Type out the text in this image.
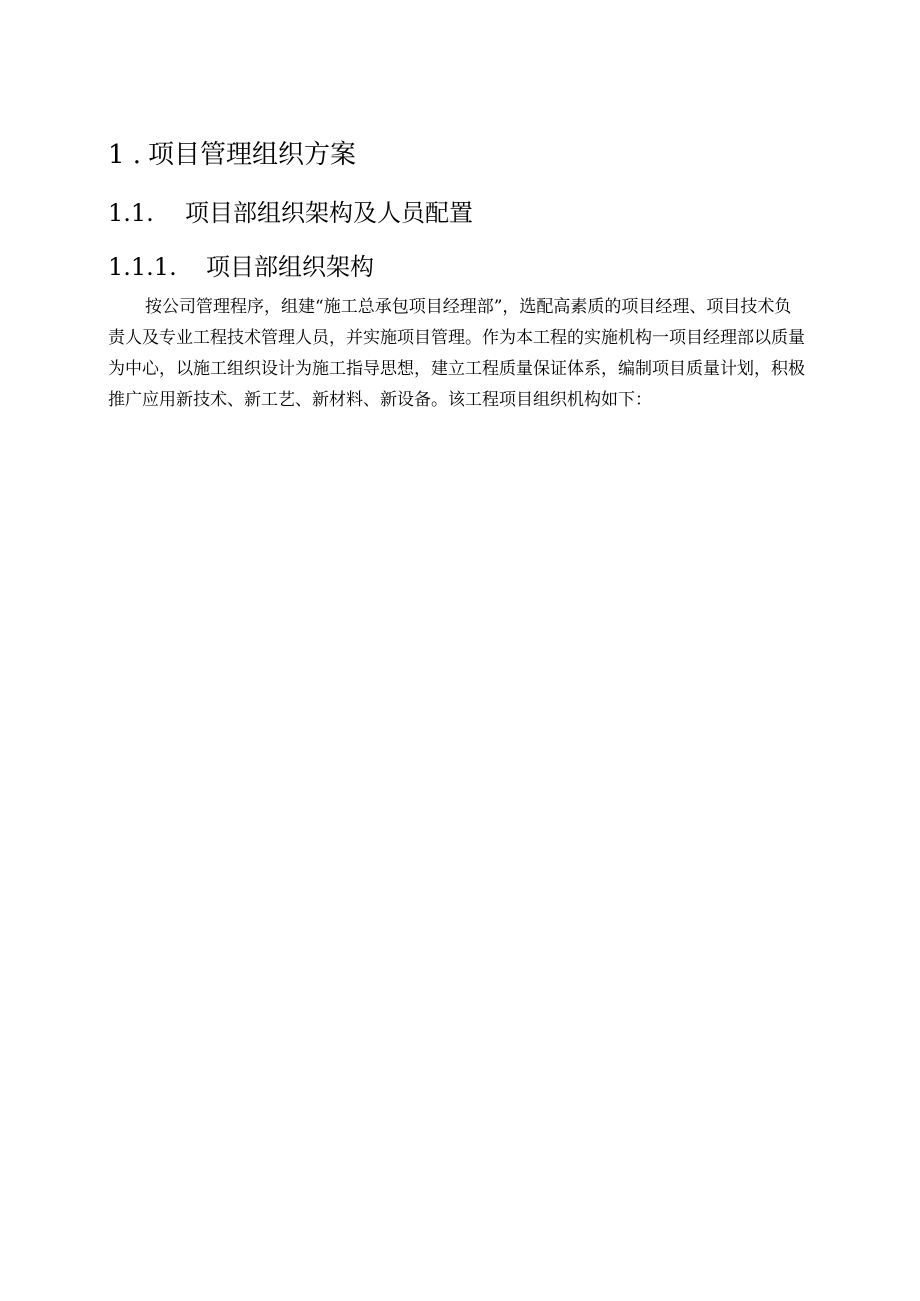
1 . 项目管理组织方案
1.1. 项目部组织架构及人员配置
1.1.1. 项目部组织架构
按公司管理程序，组建“施工总承包项目经理部”，选配高素质的项目经理、项目技术负
责人及专业工程技术管理人员，并实施项目管理。作为本工程的实施机构一项目经理部以质量
为中心，以施工组织设计为施工指导思想，建立工程质量保证体系，编制项目质量计划，积极
推广应用新技术、新工艺、新材料、新设备。该工程项目组织机构如下：
